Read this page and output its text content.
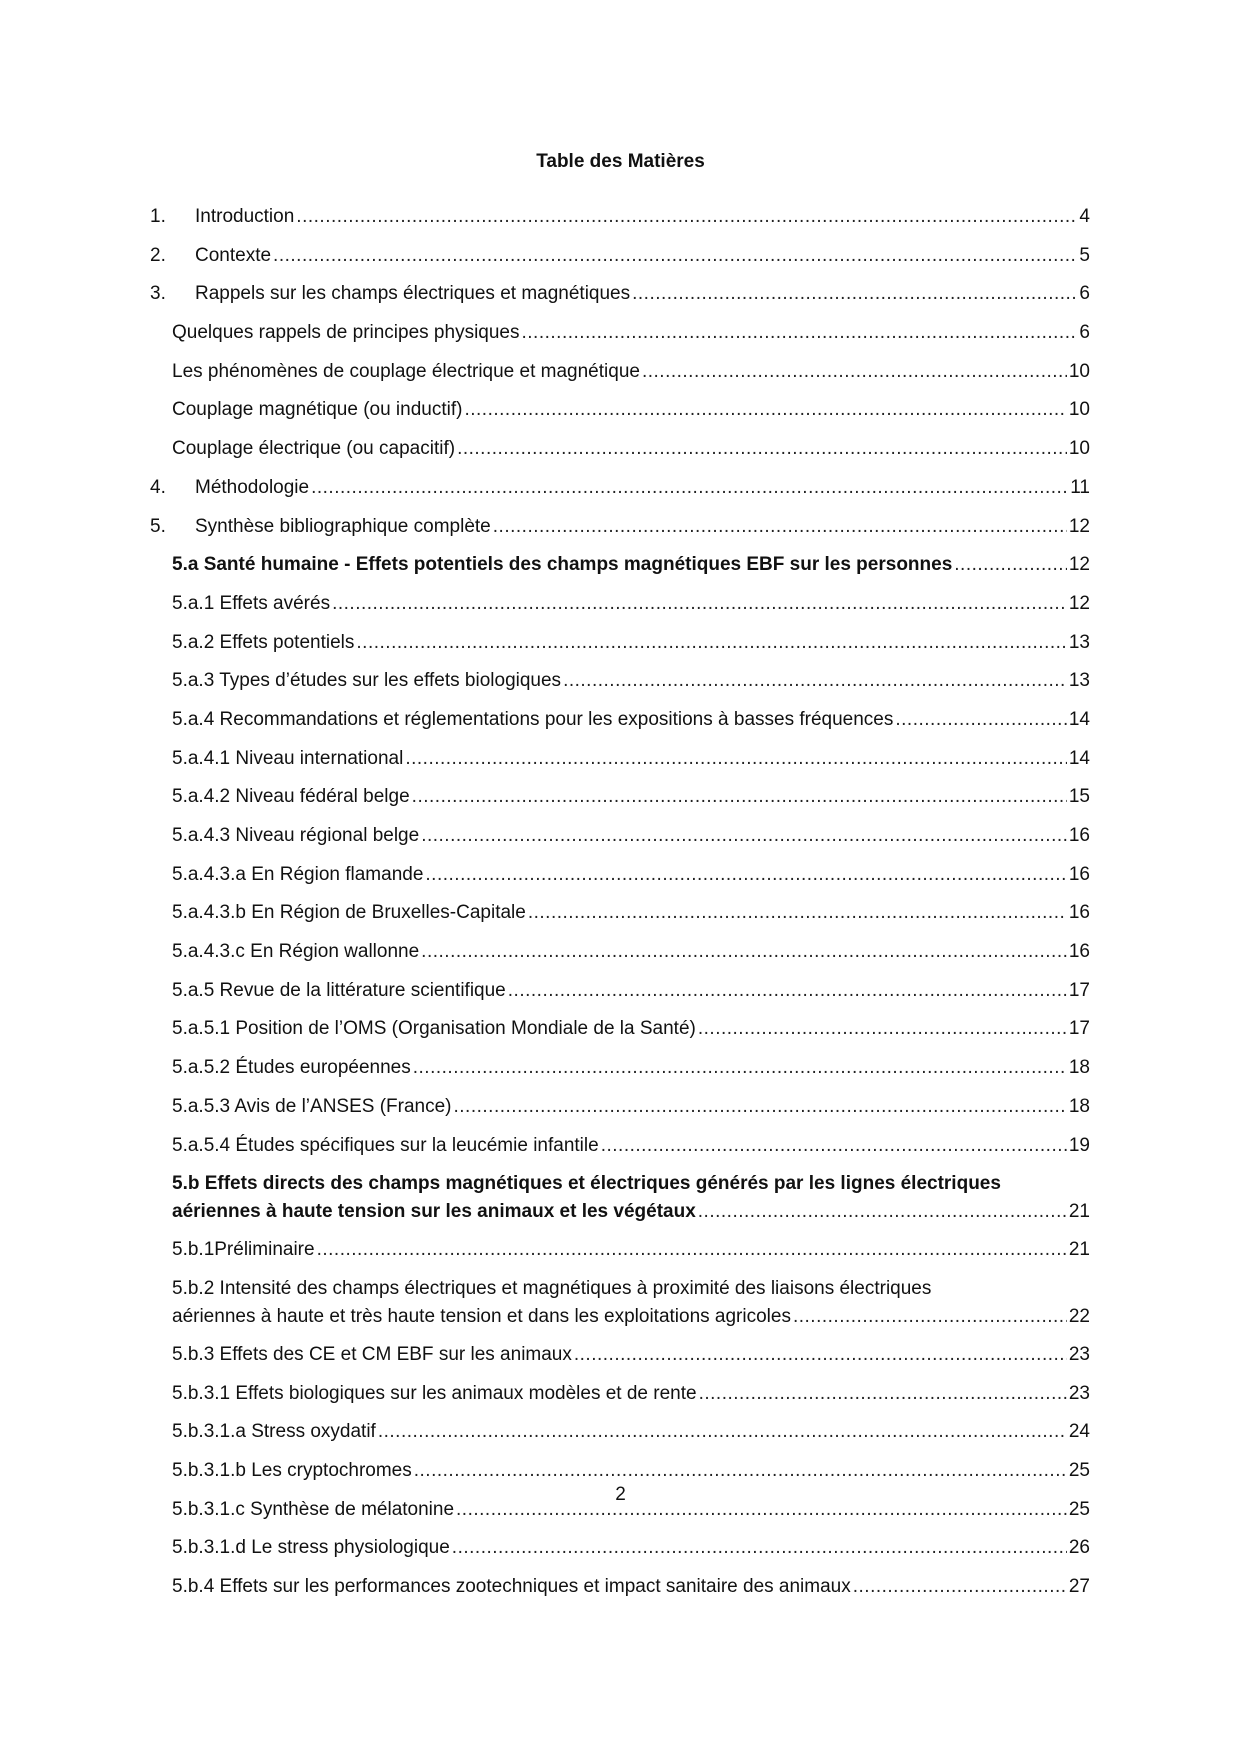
Table des Matières
1.	Introduction .....	4
2.	Contexte .....	5
3.	Rappels sur les champs électriques et magnétiques .....	6
Quelques rappels de principes physiques .....	6
Les phénomènes de couplage électrique et magnétique .....	10
Couplage magnétique (ou inductif) .....	10
Couplage électrique (ou capacitif) .....	10
4.	Méthodologie .....	11
5.	Synthèse bibliographique complète .....	12
5.a Santé humaine - Effets potentiels des champs magnétiques EBF sur les personnes .....	12
5.a.1 Effets avérés .....	12
5.a.2 Effets potentiels .....	13
5.a.3 Types d’études sur les effets biologiques .....	13
5.a.4 Recommandations et réglementations pour les expositions à basses fréquences .....	14
5.a.4.1 Niveau international .....	14
5.a.4.2 Niveau fédéral belge .....	15
5.a.4.3 Niveau régional belge .....	16
5.a.4.3.a En Région flamande .....	16
5.a.4.3.b En Région de Bruxelles-Capitale .....	16
5.a.4.3.c En Région wallonne .....	16
5.a.5 Revue de la littérature scientifique .....	17
5.a.5.1 Position de l’OMS (Organisation Mondiale de la Santé) .....	17
5.a.5.2 Études européennes .....	18
5.a.5.3 Avis de l’ANSES (France) .....	18
5.a.5.4 Études spécifiques sur la leucémie infantile .....	19
5.b Effets directs des champs magnétiques et électriques générés par les lignes électriques
aériennes à haute tension sur les animaux et les végétaux .....	21
5.b.1Préliminaire .....	21
5.b.2 Intensité des champs électriques et magnétiques à proximité des liaisons électriques
aériennes à haute et très haute tension et dans les exploitations agricoles .....	22
5.b.3 Effets des CE et CM EBF sur les animaux .....	23
5.b.3.1 Effets biologiques sur les animaux modèles et de rente .....	23
5.b.3.1.a Stress oxydatif .....	24
5.b.3.1.b Les cryptochromes .....	25
5.b.3.1.c Synthèse de mélatonine .....	25
5.b.3.1.d Le stress physiologique .....	26
5.b.4 Effets sur les performances zootechniques et impact sanitaire des animaux .....	27
2
